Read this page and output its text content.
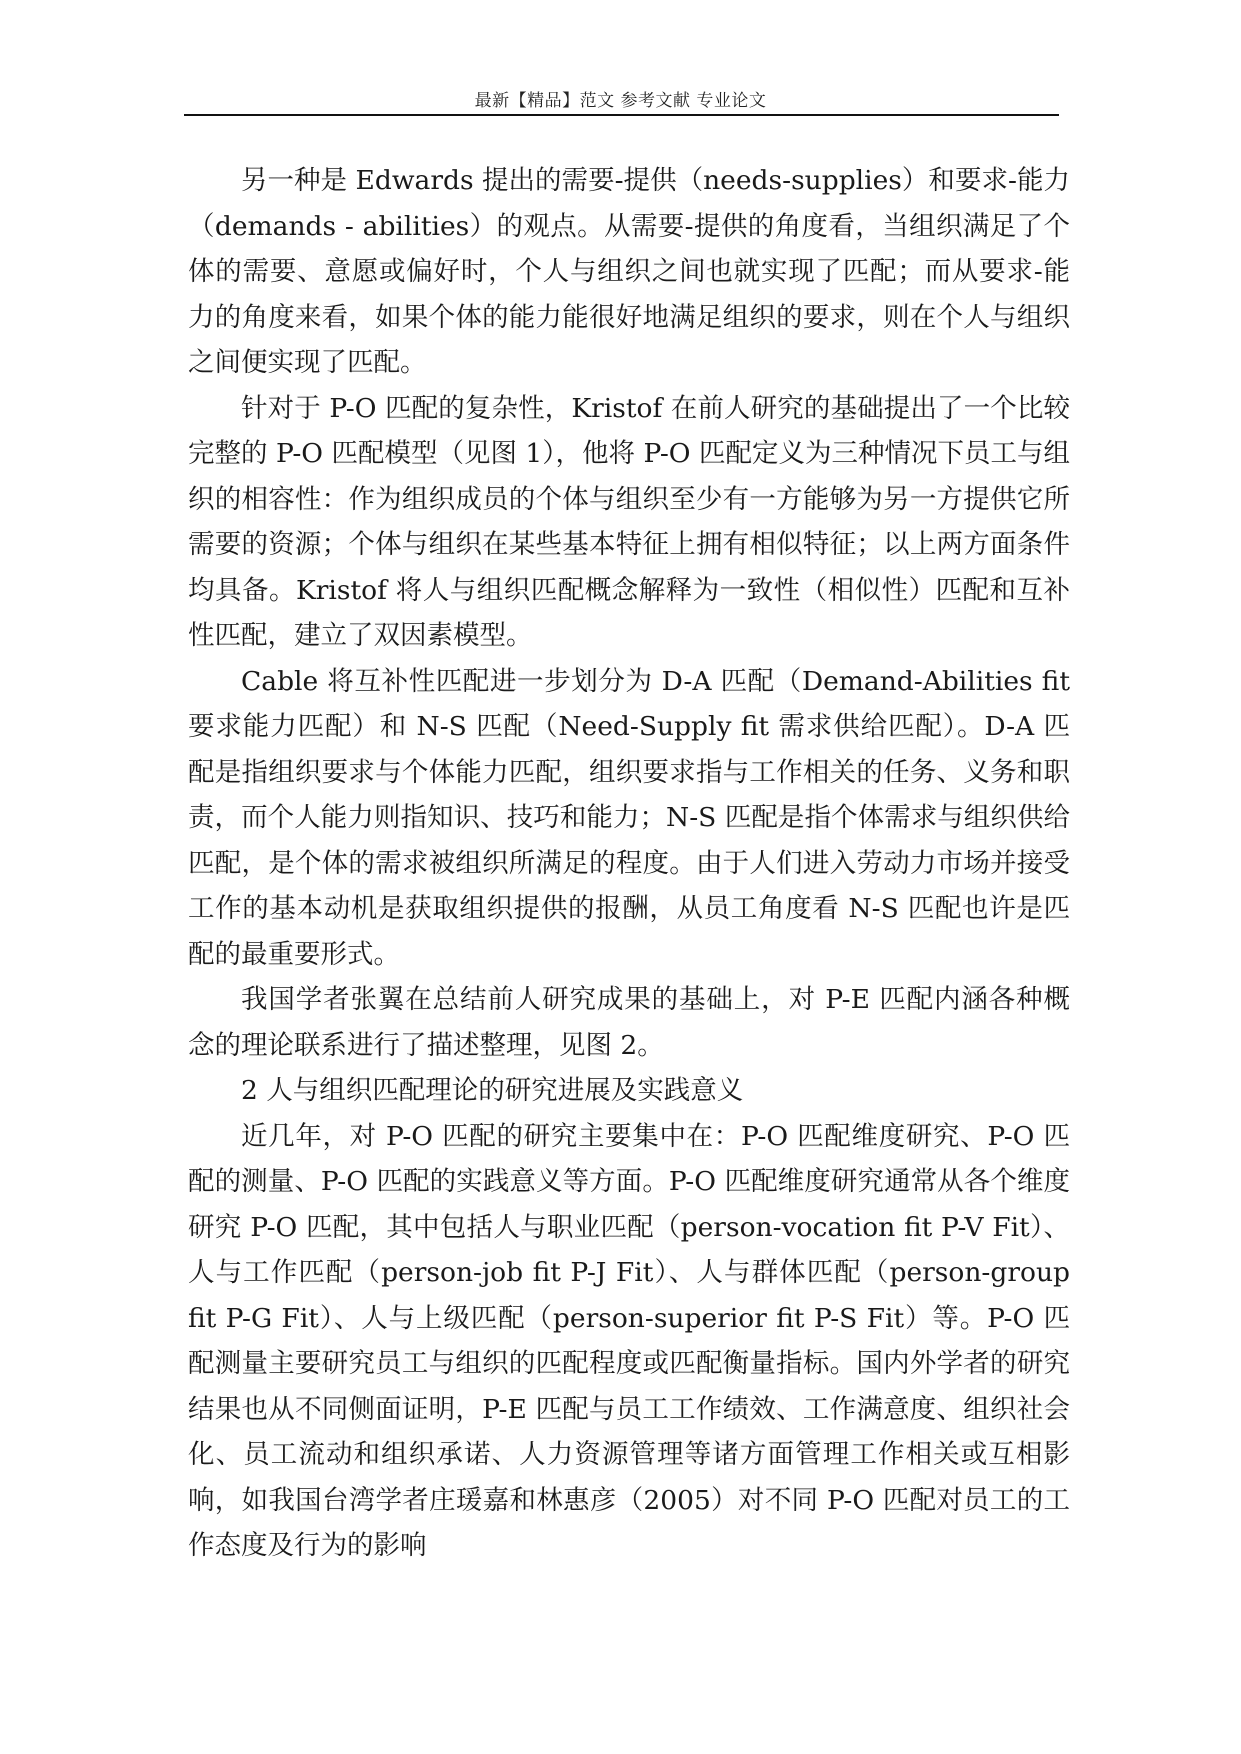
最新【精品】范文 参考文献 专业论文

另一种是 Edwards 提出的需要-提供（needs-supplies）和要求-能力（demands - abilities）的观点。从需要-提供的角度看，当组织满足了个体的需要、意愿或偏好时，个人与组织之间也就实现了匹配；而从要求-能力的角度来看，如果个体的能力能很好地满足组织的要求，则在个人与组织之间便实现了匹配。

针对于 P-O 匹配的复杂性，Kristof 在前人研究的基础提出了一个比较完整的 P-O 匹配模型（见图 1），他将 P-O 匹配定义为三种情况下员工与组织的相容性：作为组织成员的个体与组织至少有一方能够为另一方提供它所需要的资源；个体与组织在某些基本特征上拥有相似特征；以上两方面条件均具备。Kristof 将人与组织匹配概念解释为一致性（相似性）匹配和互补性匹配，建立了双因素模型。

Cable 将互补性匹配进一步划分为 D-A 匹配（Demand-Abilities fit 要求能力匹配）和 N-S 匹配（Need-Supply fit 需求供给匹配）。D-A 匹配是指组织要求与个体能力匹配，组织要求指与工作相关的任务、义务和职责，而个人能力则指知识、技巧和能力；N-S 匹配是指个体需求与组织供给匹配，是个体的需求被组织所满足的程度。由于人们进入劳动力市场并接受工作的基本动机是获取组织提供的报酬，从员工角度看 N-S 匹配也许是匹配的最重要形式。

我国学者张翼在总结前人研究成果的基础上，对 P-E 匹配内涵各种概念的理论联系进行了描述整理，见图 2。

2 人与组织匹配理论的研究进展及实践意义

近几年，对 P-O 匹配的研究主要集中在：P-O 匹配维度研究、P-O 匹配的测量、P-O 匹配的实践意义等方面。P-O 匹配维度研究通常从各个维度研究 P-O 匹配，其中包括人与职业匹配（person-vocation fit P-V Fit）、人与工作匹配（person-job fit P-J Fit）、人与群体匹配（person-group fit P-G Fit）、人与上级匹配（person-superior fit P-S Fit）等。P-O 匹配测量主要研究员工与组织的匹配程度或匹配衡量指标。国内外学者的研究结果也从不同侧面证明，P-E 匹配与员工工作绩效、工作满意度、组织社会化、员工流动和组织承诺、人力资源管理等诸方面管理工作相关或互相影响，如我国台湾学者庄瑗嘉和林惠彦（2005）对不同 P-O 匹配对员工的工作态度及行为的影响
